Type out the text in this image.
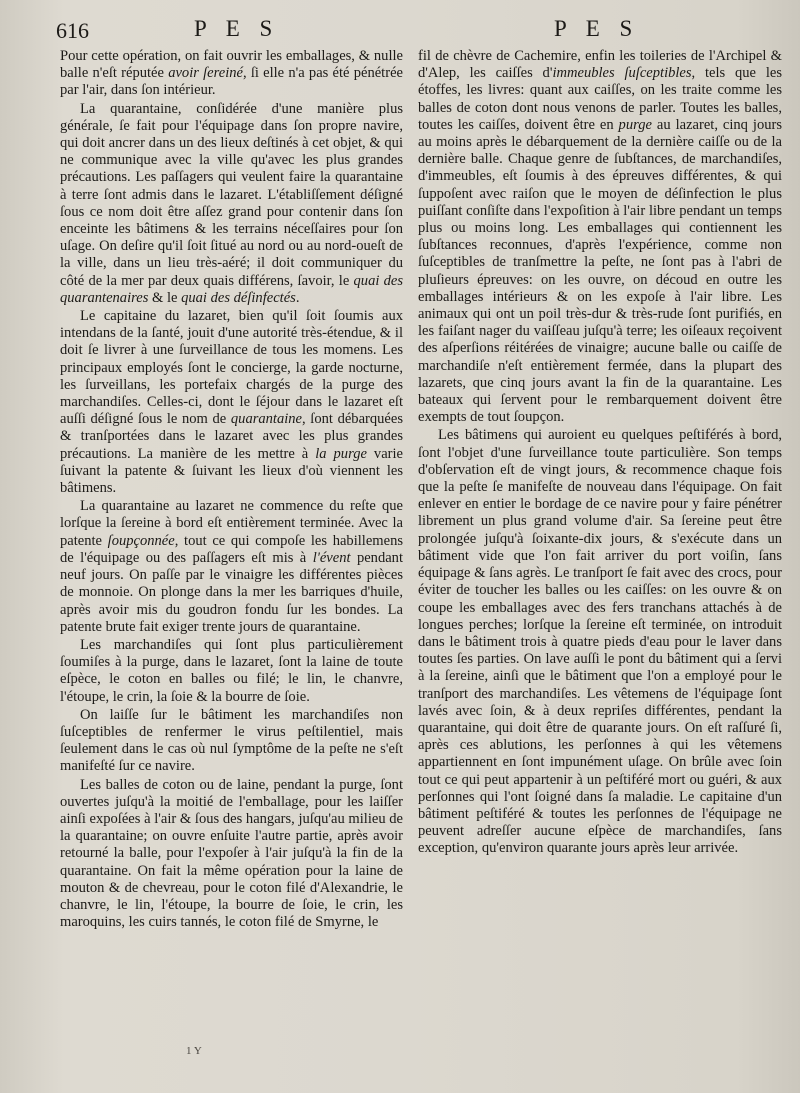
616	P E S	P E S

Pour cette opération, on fait ouvrir les emballages, & nulle balle n'eſt réputée avoir ſereiné, ſi elle n'a pas été pénétrée par l'air, dans ſon intérieur.

La quarantaine, conſidérée d'une manière plus générale, ſe fait pour l'équipage dans ſon propre navire, qui doit ancrer dans un des lieux deſtinés à cet objet, & qui ne communique avec la ville qu'avec les plus grandes précautions. Les paſſagers qui veulent faire la quarantaine à terre ſont admis dans le lazaret. L'établiſſement déſigné ſous ce nom doit être aſſez grand pour contenir dans ſon enceinte les bâtimens & les terrains néceſſaires pour ſon uſage. On deſire qu'il ſoit ſitué au nord ou au nord-oueſt de la ville, dans un lieu très-aéré; il doit communiquer du côté de la mer par deux quais différens, ſavoir, le quai des quarantenaires & le quai des déſinfectés.

Le capitaine du lazaret, bien qu'il ſoit ſoumis aux intendans de la ſanté, jouit d'une autorité très-étendue, & il doit ſe livrer à une ſurveillance de tous les momens. Les principaux employés ſont le concierge, la garde nocturne, les ſurveillans, les portefaix chargés de la purge des marchandiſes. Celles-ci, dont le ſéjour dans le lazaret eſt auſſi déſigné ſous le nom de quarantaine, ſont débarquées & tranſportées dans le lazaret avec les plus grandes précautions. La manière de les mettre à la purge varie ſuivant la patente & ſuivant les lieux d'où viennent les bâtimens.

La quarantaine au lazaret ne commence du reſte que lorſque la ſereine à bord eſt entièrement terminée. Avec la patente ſoupçonnée, tout ce qui compoſe les habillemens de l'équipage ou des paſſagers eſt mis à l'évent pendant neuf jours. On paſſe par le vinaigre les différentes pièces de monnoie. On plonge dans la mer les barriques d'huile, après avoir mis du goudron fondu ſur les bondes. La patente brute fait exiger trente jours de quarantaine.

Les marchandiſes qui ſont plus particulièrement ſoumiſes à la purge, dans le lazaret, ſont la laine de toute eſpèce, le coton en balles ou filé; le lin, le chanvre, l'étoupe, le crin, la ſoie & la bourre de ſoie.

On laiſſe ſur le bâtiment les marchandiſes non ſuſceptibles de renfermer le virus peſtilentiel, mais ſeulement dans le cas où nul ſymptôme de la peſte ne s'eſt manifeſté ſur ce navire.

Les balles de coton ou de laine, pendant la purge, ſont ouvertes juſqu'à la moitié de l'emballage, pour les laiſſer ainſi expoſées à l'air & ſous des hangars, juſqu'au milieu de la quarantaine; on ouvre enſuite l'autre partie, après avoir retourné la balle, pour l'expoſer à l'air juſqu'à la fin de la quarantaine. On fait la même opération pour la laine de mouton & de chevreau, pour le coton filé d'Alexandrie, le chanvre, le lin, l'étoupe, la bourre de ſoie, le crin, les maroquins, les cuirs tannés, le coton filé de Smyrne, le

fil de chèvre de Cachemire, enfin les toileries de l'Archipel & d'Alep, les caiſſes d'immeubles ſuſceptibles, tels que les étoffes, les livres: quant aux caiſſes, on les traite comme les balles de coton dont nous venons de parler. Toutes les balles, toutes les caiſſes, doivent être en purge au lazaret, cinq jours au moins après le débarquement de la dernière caiſſe ou de la dernière balle. Chaque genre de ſubſtances, de marchandiſes, d'immeubles, eſt ſoumis à des épreuves différentes, & qui ſuppoſent avec raiſon que le moyen de déſinfection le plus puiſſant conſiſte dans l'expoſition à l'air libre pendant un temps plus ou moins long. Les emballages qui contiennent les ſubſtances reconnues, d'après l'expérience, comme non ſuſceptibles de tranſmettre la peſte, ne ſont pas à l'abri de pluſieurs épreuves: on les ouvre, on découd en outre les emballages intérieurs & on les expoſe à l'air libre. Les animaux qui ont un poil très-dur & très-rude ſont purifiés, en les faiſant nager du vaiſſeau juſqu'à terre; les oiſeaux reçoivent des aſperſions réitérées de vinaigre; aucune balle ou caiſſe de marchandiſe n'eſt entièrement fermée, dans la plupart des lazarets, que cinq jours avant la fin de la quarantaine. Les bateaux qui ſervent pour le rembarquement doivent être exempts de tout ſoupçon.

Les bâtimens qui auroient eu quelques peſtiférés à bord, ſont l'objet d'une ſurveillance toute particulière. Son temps d'obſervation eſt de vingt jours, & recommence chaque fois que la peſte ſe manifeſte de nouveau dans l'équipage. On fait enlever en entier le bordage de ce navire pour y faire pénétrer librement un plus grand volume d'air. Sa ſereine peut être prolongée juſqu'à ſoixante-dix jours, & s'exécute dans un bâtiment vide que l'on fait arriver du port voiſin, ſans équipage & ſans agrès. Le tranſport ſe fait avec des crocs, pour éviter de toucher les balles ou les caiſſes: on les ouvre & on coupe les emballages avec des fers tranchans attachés à de longues perches; lorſque la ſereine eſt terminée, on introduit dans le bâtiment trois à quatre pieds d'eau pour le laver dans toutes ſes parties. On lave auſſi le pont du bâtiment qui a ſervi à la ſereine, ainſi que le bâtiment que l'on a employé pour le tranſport des marchandiſes. Les vêtemens de l'équipage ſont lavés avec ſoin, & à deux repriſes différentes, pendant la quarantaine, qui doit être de quarante jours. On eſt raſſuré ſi, après ces ablutions, les perſonnes à qui les vêtemens appartiennent en ſont impunément uſage. On brûle avec ſoin tout ce qui peut appartenir à un peſtiféré mort ou guéri, & aux perſonnes qui l'ont ſoigné dans ſa maladie. Le capitaine d'un bâtiment peſtiféré & toutes les perſonnes de l'équipage ne peuvent adreſſer aucune eſpèce de marchandiſes, ſans exception, qu'environ quarante jours après leur arrivée.

1 Y
